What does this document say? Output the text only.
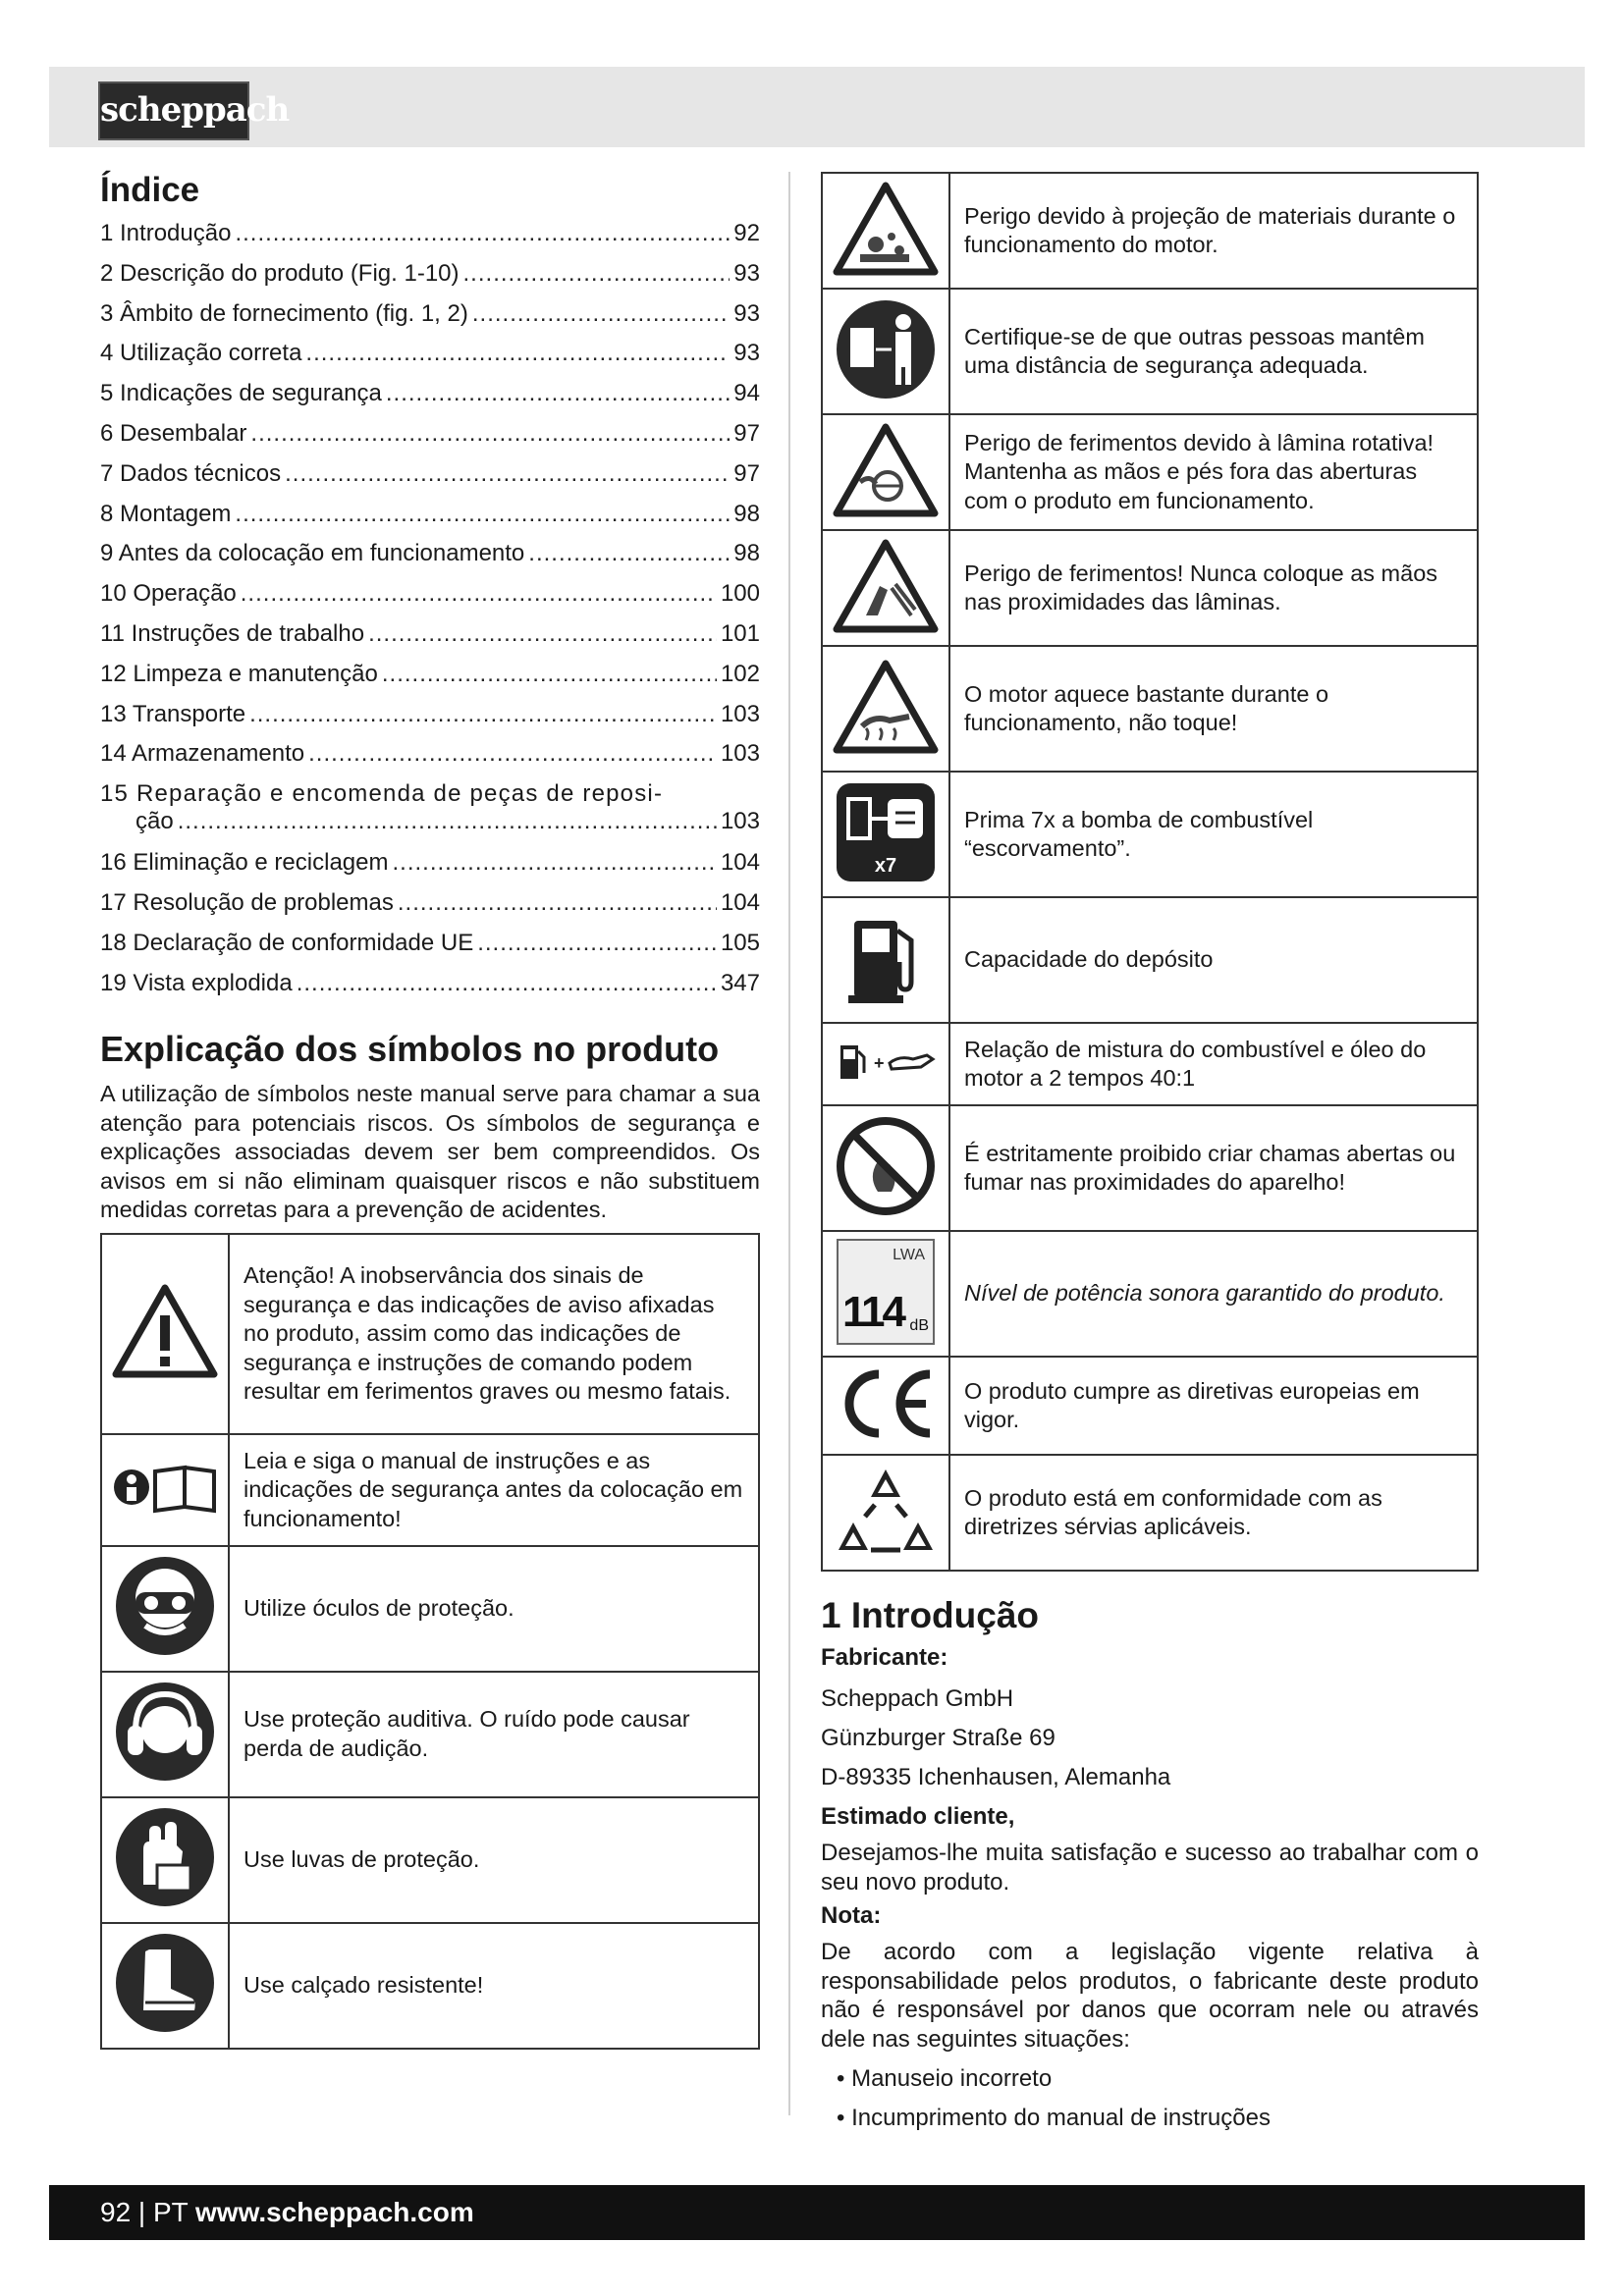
scheppach
Índice
1 Introdução .....	92
2 Descrição do produto (Fig. 1-10) .....	93
3 Âmbito de fornecimento (fig. 1, 2) .....	93
4 Utilização correta .....	93
5 Indicações de segurança .....	94
6 Desembalar .....	97
7 Dados técnicos .....	97
8 Montagem .....	98
9 Antes da colocação em funcionamento .....	98
10 Operação .....	100
11 Instruções de trabalho .....	101
12 Limpeza e manutenção .....	102
13 Transporte .....	103
14 Armazenamento .....	103
15 Reparação e encomenda de peças de reposi-
ção .....	103
16 Eliminação e reciclagem .....	104
17 Resolução de problemas .....	104
18 Declaração de conformidade UE .....	105
19 Vista explodida .....	347
Explicação dos símbolos no produto

A utilização de símbolos neste manual serve para chamar a sua atenção para potenciais riscos. Os símbolos de segurança e explicações associadas devem ser bem compreendidos. Os avisos em si não eliminam quaisquer riscos e não substituem medidas corretas para a prevenção de acidentes.

	Atenção! A inobservância dos sinais de segurança e das indicações de aviso afixadas no produto, assim como das indicações de segurança e instruções de comando podem resultar em ferimentos graves ou mesmo fatais.
	Leia e siga o manual de instruções e as indicações de segurança antes da colocação em funcionamento!
	Utilize óculos de proteção.
	Use proteção auditiva. O ruído pode causar perda de audição.
	Use luvas de proteção.
	Use calçado resistente!
	Perigo devido à projeção de materiais durante o funcionamento do motor.
	Certifique-se de que outras pessoas mantêm uma distância de segurança adequada.
	Perigo de ferimentos devido à lâmina rotativa! Mantenha as mãos e pés fora das aberturas com o produto em funcionamento.
	Perigo de ferimentos! Nunca coloque as mãos nas proximidades das lâminas.
	O motor aquece bastante durante o funcionamento, não toque!

x7	Prima 7x a bomba de combustível “escorvamento”.
	Capacidade do depósito

+	Relação de mistura do combustível e óleo do motor a 2 tempos 40:1
	É estritamente proibido criar chamas abertas ou fumar nas proximidades do aparelho!

LWA
114 dB	Nível de potência sonora garantido do produto.
	O produto cumpre as diretivas europeias em vigor.
	O produto está em conformidade com as diretrizes sérvias aplicáveis.
1 Introdução
Fabricante:

Scheppach GmbH

Günzburger Straße 69

D-89335 Ichenhausen, Alemanha

Estimado cliente,

Desejamos-lhe muita satisfação e sucesso ao trabalhar com o seu novo produto.

Nota:

De acordo com a legislação vigente relativa à responsabilidade pelos produtos, o fabricante deste produto não é responsável por danos que ocorram nele ou através dele nas seguintes situações:

• Manuseio incorreto
• Incumprimento do manual de instruções
92 | PT www.scheppach.com
